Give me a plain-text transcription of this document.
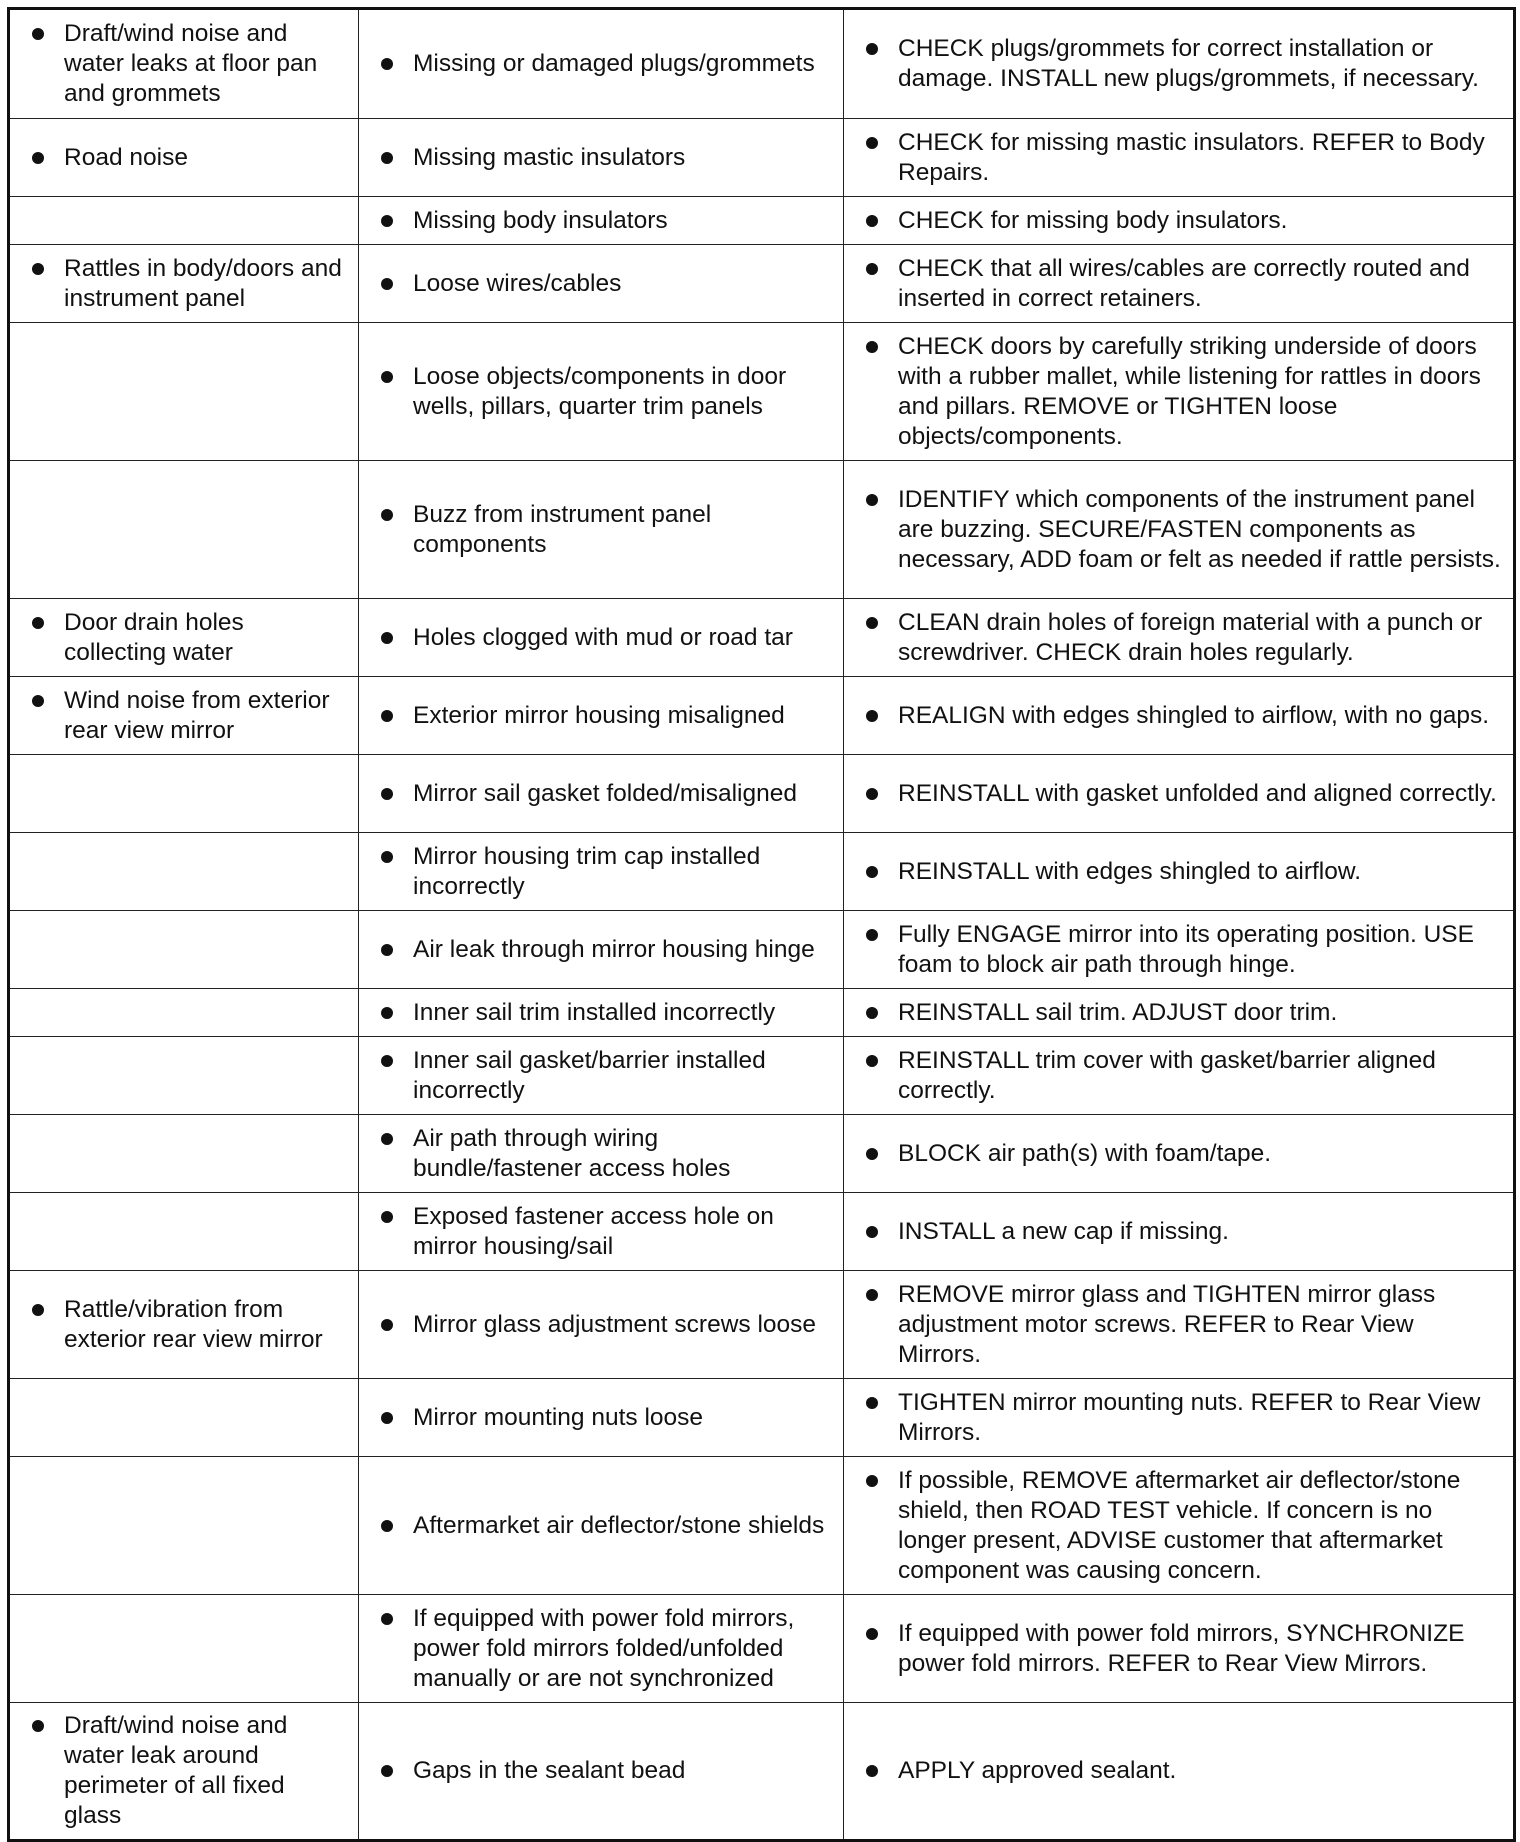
Draft/wind noise and water leaks at floor pan and grommets	Missing or damaged plugs/grommets	CHECK plugs/grommets for correct installation or damage. INSTALL new plugs/grommets, if necessary.

Road noise	Missing mastic insulators	CHECK for missing mastic insulators. REFER to Body Repairs.

	Missing body insulators	CHECK for missing body insulators.

Rattles in body/doors and instrument panel	Loose wires/cables	CHECK that all wires/cables are correctly routed and inserted in correct retainers.

	Loose objects/components in door wells, pillars, quarter trim panels	CHECK doors by carefully striking underside of doors with a rubber mallet, while listening for rattles in doors and pillars. REMOVE or TIGHTEN loose objects/components.

	Buzz from instrument panel components	IDENTIFY which components of the instrument panel are buzzing. SECURE/FASTEN components as necessary, ADD foam or felt as needed if rattle persists.

Door drain holes collecting water	Holes clogged with mud or road tar	CLEAN drain holes of foreign material with a punch or screwdriver. CHECK drain holes regularly.

Wind noise from exterior rear view mirror	Exterior mirror housing misaligned	REALIGN with edges shingled to airflow, with no gaps.

	Mirror sail gasket folded/misaligned	REINSTALL with gasket unfolded and aligned correctly.

	Mirror housing trim cap installed incorrectly	REINSTALL with edges shingled to airflow.

	Air leak through mirror housing hinge	Fully ENGAGE mirror into its operating position. USE foam to block air path through hinge.

	Inner sail trim installed incorrectly	REINSTALL sail trim. ADJUST door trim.

	Inner sail gasket/barrier installed incorrectly	REINSTALL trim cover with gasket/barrier aligned correctly.

	Air path through wiring bundle/fastener access holes	BLOCK air path(s) with foam/tape.

	Exposed fastener access hole on mirror housing/sail	INSTALL a new cap if missing.

Rattle/vibration from exterior rear view mirror	Mirror glass adjustment screws loose	REMOVE mirror glass and TIGHTEN mirror glass adjustment motor screws. REFER to Rear View Mirrors.

	Mirror mounting nuts loose	TIGHTEN mirror mounting nuts. REFER to Rear View Mirrors.

	Aftermarket air deflector/stone shields	If possible, REMOVE aftermarket air deflector/stone shield, then ROAD TEST vehicle. If concern is no longer present, ADVISE customer that aftermarket component was causing concern.

	If equipped with power fold mirrors, power fold mirrors folded/unfolded manually or are not synchronized	If equipped with power fold mirrors, SYNCHRONIZE power fold mirrors. REFER to Rear View Mirrors.

Draft/wind noise and water leak around perimeter of all fixed glass	Gaps in the sealant bead	APPLY approved sealant.
